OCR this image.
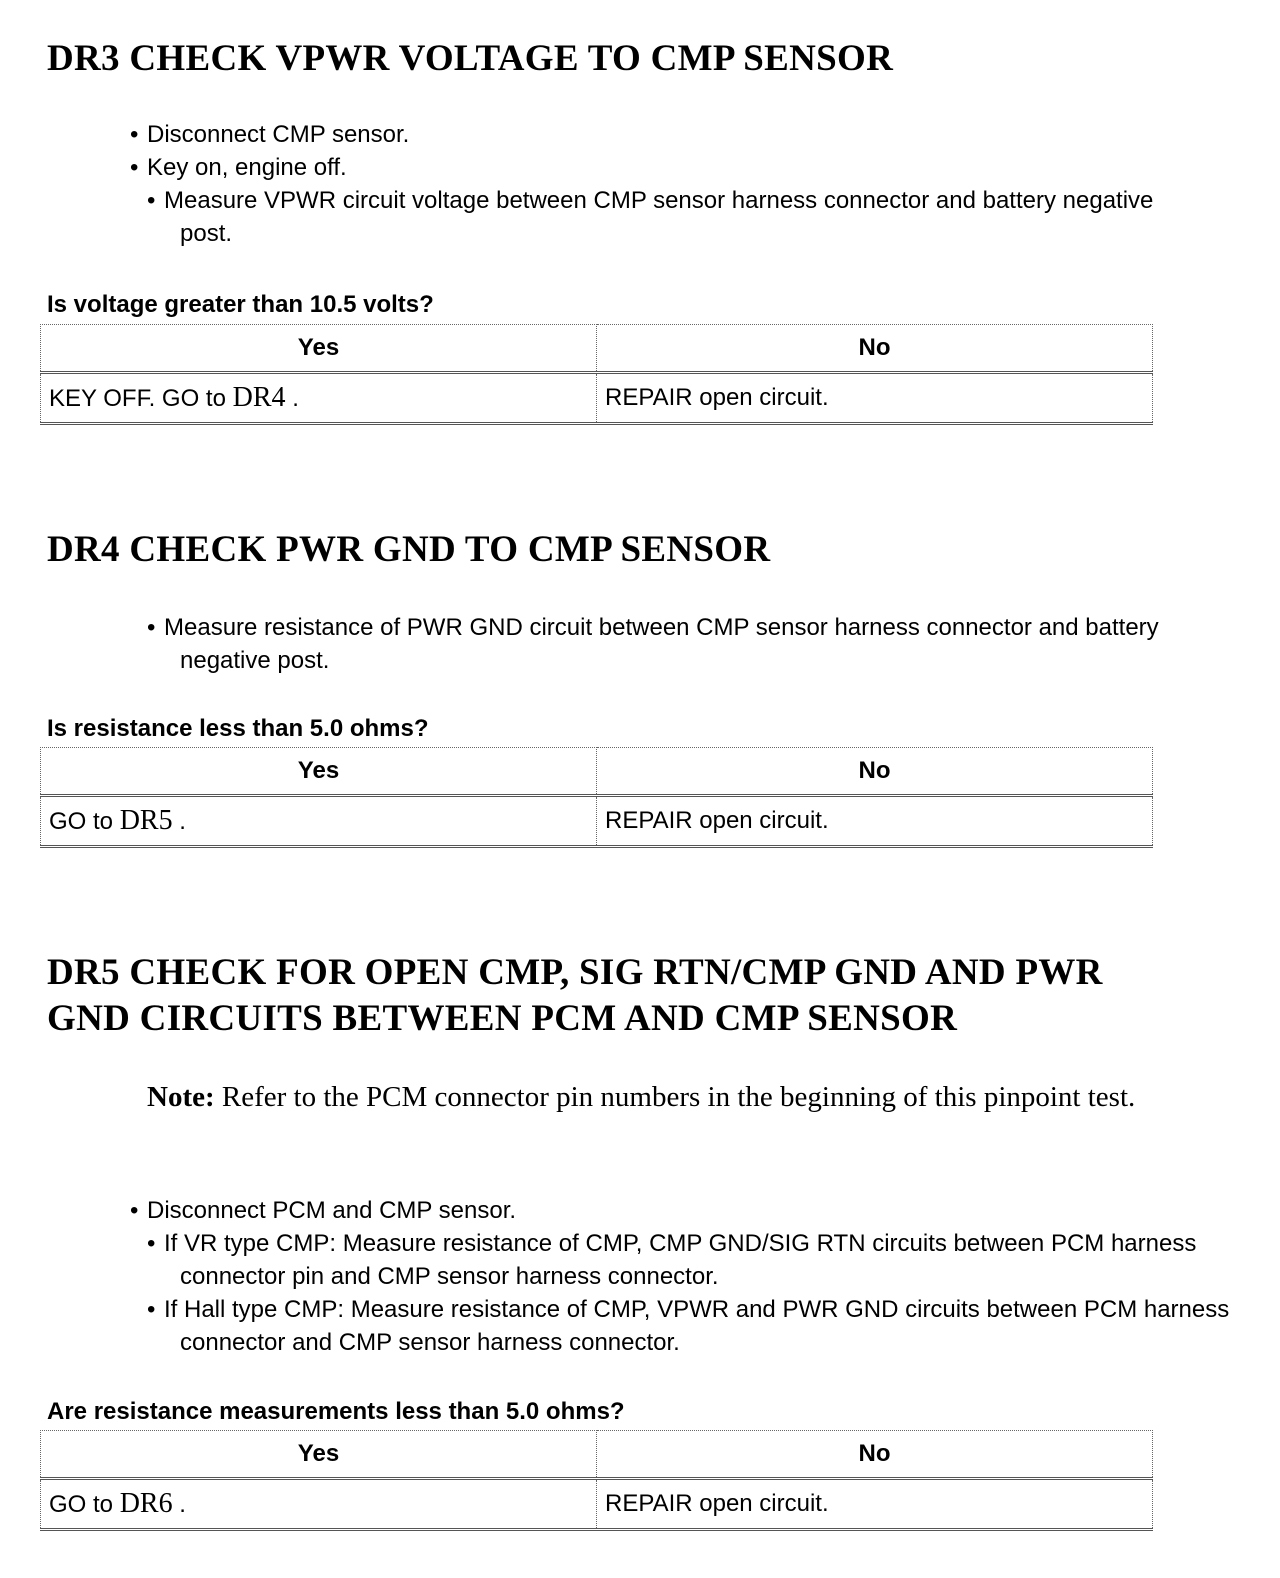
DR3 CHECK VPWR VOLTAGE TO CMP SENSOR
• Disconnect CMP sensor.
• Key on, engine off.
• Measure VPWR circuit voltage between CMP sensor harness connector and battery negative post.

Is voltage greater than 10.5 volts?

Yes	No
KEY OFF. GO to DR4 .	REPAIR open circuit.
DR4 CHECK PWR GND TO CMP SENSOR
• Measure resistance of PWR GND circuit between CMP sensor harness connector and battery negative post.

Is resistance less than 5.0 ohms?

Yes	No
GO to DR5 .	REPAIR open circuit.
DR5 CHECK FOR OPEN CMP, SIG RTN/CMP GND AND PWR
GND CIRCUITS BETWEEN PCM AND CMP SENSOR

Note: Refer to the PCM connector pin numbers in the beginning of this pinpoint test.

• Disconnect PCM and CMP sensor.
• If VR type CMP: Measure resistance of CMP, CMP GND/SIG RTN circuits between PCM harness connector pin and CMP sensor harness connector.
• If Hall type CMP: Measure resistance of CMP, VPWR and PWR GND circuits between PCM harness connector and CMP sensor harness connector.

Are resistance measurements less than 5.0 ohms?

Yes	No
GO to DR6 .	REPAIR open circuit.
